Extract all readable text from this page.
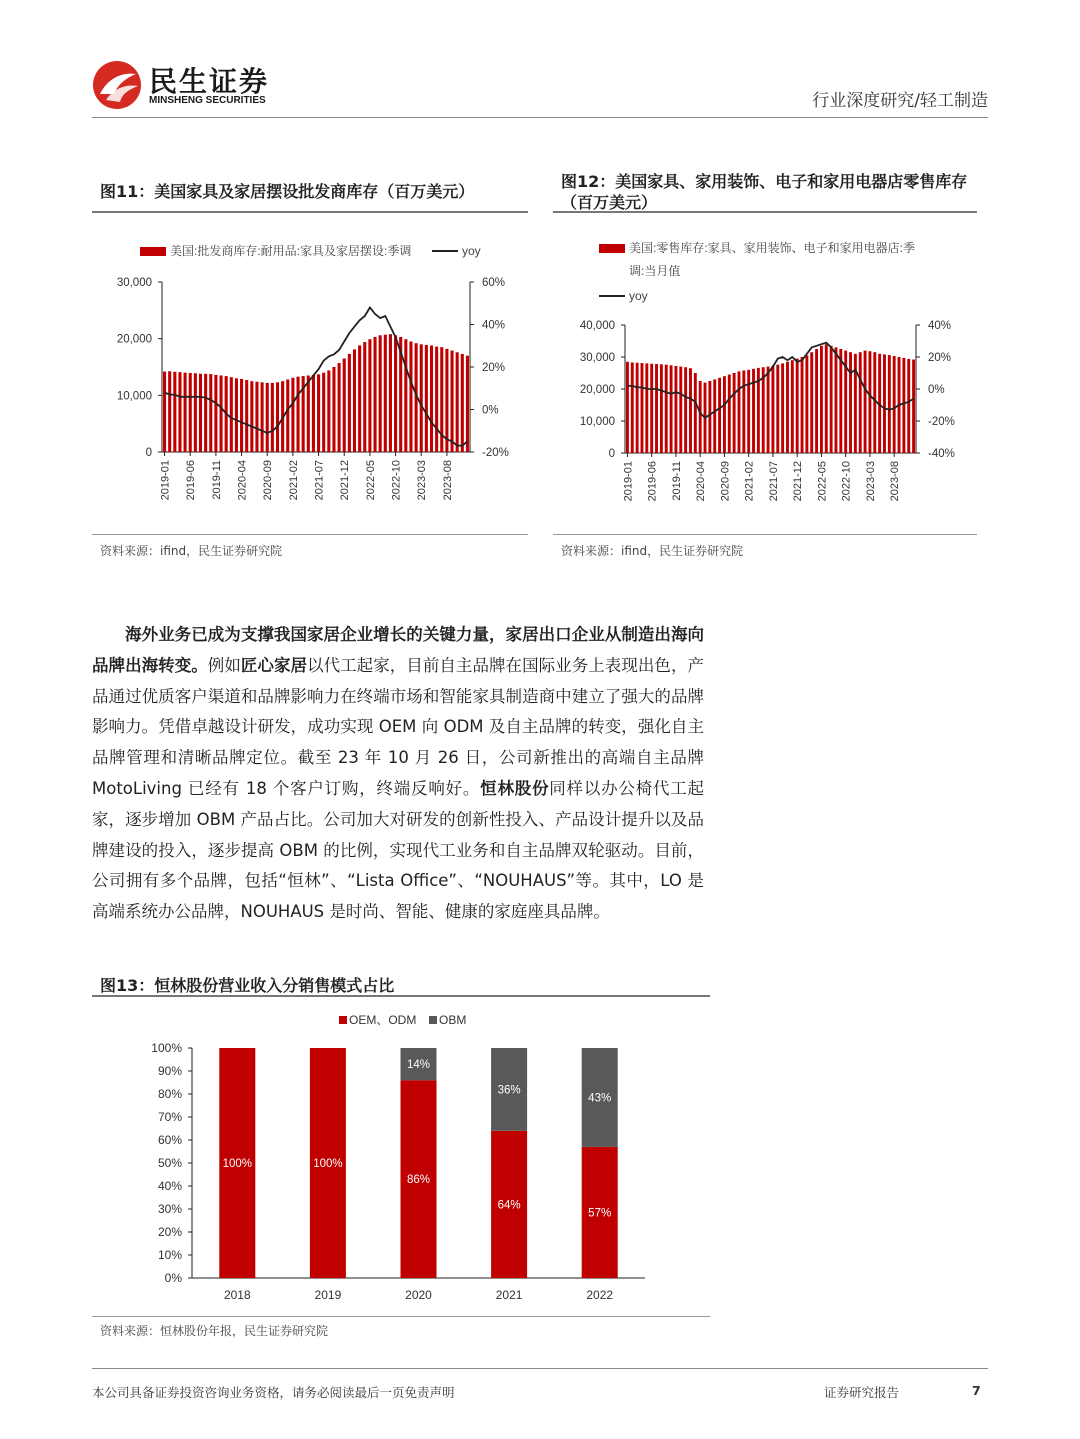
民生证券
MINSHENG SECURITIES	行业深度研究/轻工制造
图11：美国家具及家居摆设批发商库存（百万美元）
美国:批发商库存:耐用品:家具及家居摆设:季调	yoy
0
10,000
20,000
30,000
-20%
0%
20%
40%
60%
2019-01 2019-06 2019-11 2020-04 2020-09 2021-02 2021-07 2021-12 2022-05 2022-10 2023-03 2023-08
资料来源：ifind，民生证券研究院
图12：美国家具、家用装饰、电子和家用电器店零售库存（百万美元）
美国:零售库存:家具、家用装饰、电子和家用电器店:季
调:当月值
yoy
0
10,000
20,000
30,000
40,000
-40%
-20%
0%
20%
40%
2019-01 2019-06 2019-11 2020-04 2020-09 2021-02 2021-07 2021-12 2022-05 2022-10 2023-03 2023-08
资料来源：ifind，民生证券研究院
海外业务已成为支撑我国家居企业增长的关键力量，家居出口企业从制造出海向品牌出海转变。例如匠心家居以代工起家，目前自主品牌在国际业务上表现出色，产品通过优质客户渠道和品牌影响力在终端市场和智能家具制造商中建立了强大的品牌影响力。凭借卓越设计研发，成功实现 OEM 向 ODM 及自主品牌的转变，强化自主品牌管理和清晰品牌定位。截至 23 年 10 月 26 日，公司新推出的高端自主品牌 MotoLiving 已经有 18 个客户订购，终端反响好。恒林股份同样以办公椅代工起家，逐步增加 OBM 产品占比。公司加大对研发的创新性投入、产品设计提升以及品牌建设的投入，逐步提高 OBM 的比例，实现代工业务和自主品牌双轮驱动。目前，公司拥有多个品牌，包括“恒林”、“Lista Office”、“NOUHAUS”等。其中，LO 是高端系统办公品牌，NOUHAUS 是时尚、智能、健康的家庭座具品牌。
图13：恒林股份营业收入分销售模式占比
OEM、ODM OBM
0%
10%
20%
30%
40%
50%
60%
70%
80%
90%
100%
100%
2018
100%
2019
86%
14%
2020
64%
36%
2021
57%
43%
2022
资料来源：恒林股份年报，民生证券研究院
本公司具备证券投资咨询业务资格，请务必阅读最后一页免责声明	证券研究报告	7
